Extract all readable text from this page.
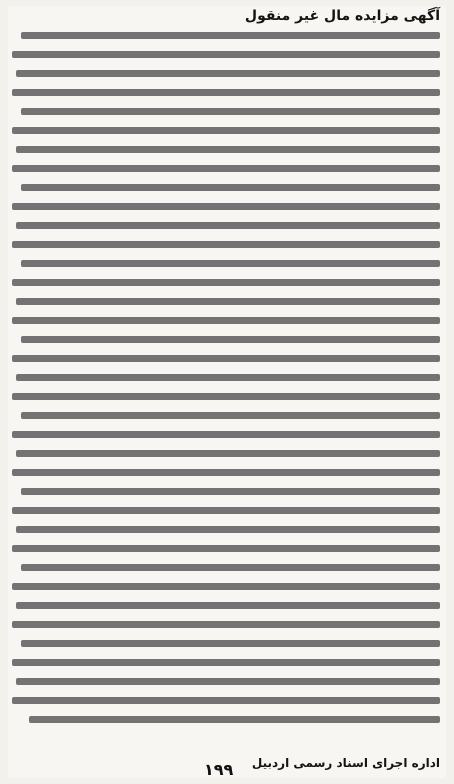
آگهی مزایده مال غیر منقول
اداره اجرای اسناد رسمی اردبیل
۱۹۹
